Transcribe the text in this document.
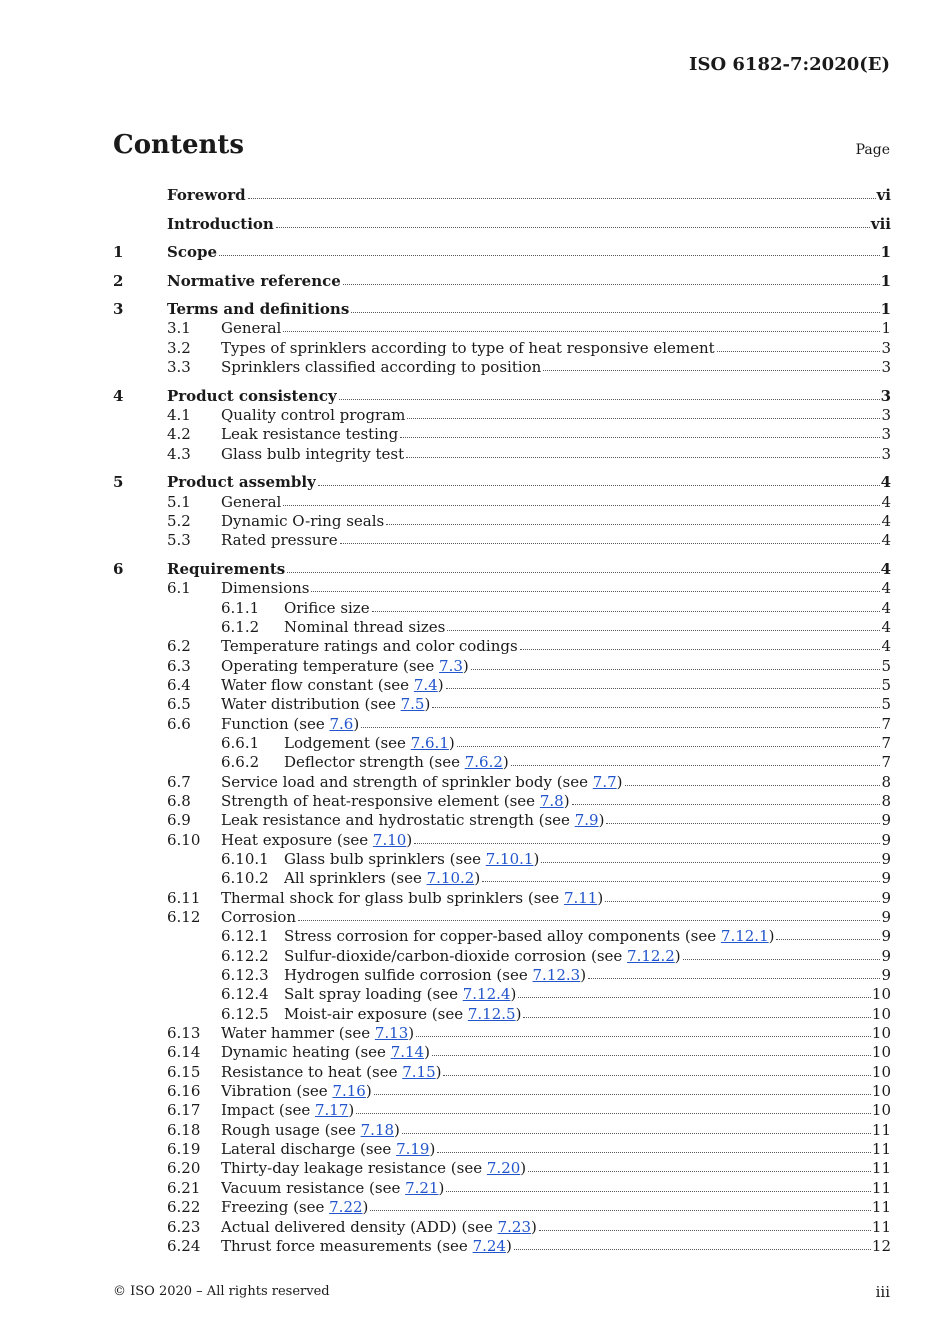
ISO 6182-7:2020(E)
Contents	Page
Foreword	vi
Introduction	vii
1	Scope	1
2	Normative reference	1
3	Terms and definitions	1
3.1	General	1
3.2	Types of sprinklers according to type of heat responsive element	3
3.3	Sprinklers classified according to position	3
4	Product consistency	3
4.1	Quality control program	3
4.2	Leak resistance testing	3
4.3	Glass bulb integrity test	3
5	Product assembly	4
5.1	General	4
5.2	Dynamic O-ring seals	4
5.3	Rated pressure	4
6	Requirements	4
6.1	Dimensions	4
6.1.1	Orifice size	4
6.1.2	Nominal thread sizes	4
6.2	Temperature ratings and color codings	4
6.3	Operating temperature (see 7.3)	5
6.4	Water flow constant (see 7.4)	5
6.5	Water distribution (see 7.5)	5
6.6	Function (see 7.6)	7
6.6.1	Lodgement (see 7.6.1)	7
6.6.2	Deflector strength (see 7.6.2)	7
6.7	Service load and strength of sprinkler body (see 7.7)	8
6.8	Strength of heat-responsive element (see 7.8)	8
6.9	Leak resistance and hydrostatic strength (see 7.9)	9
6.10	Heat exposure (see 7.10)	9
6.10.1	Glass bulb sprinklers (see 7.10.1)	9
6.10.2	All sprinklers (see 7.10.2)	9
6.11	Thermal shock for glass bulb sprinklers (see 7.11)	9
6.12	Corrosion	9
6.12.1	Stress corrosion for copper-based alloy components (see 7.12.1)	9
6.12.2	Sulfur-dioxide/carbon-dioxide corrosion (see 7.12.2)	9
6.12.3	Hydrogen sulfide corrosion (see 7.12.3)	9
6.12.4	Salt spray loading (see 7.12.4)	10
6.12.5	Moist-air exposure (see 7.12.5)	10
6.13	Water hammer (see 7.13)	10
6.14	Dynamic heating (see 7.14)	10
6.15	Resistance to heat (see 7.15)	10
6.16	Vibration (see 7.16)	10
6.17	Impact (see 7.17)	10
6.18	Rough usage (see 7.18)	11
6.19	Lateral discharge (see 7.19)	11
6.20	Thirty-day leakage resistance (see 7.20)	11
6.21	Vacuum resistance (see 7.21)	11
6.22	Freezing (see 7.22)	11
6.23	Actual delivered density (ADD) (see 7.23)	11
6.24	Thrust force measurements (see 7.24)	12
© ISO 2020 – All rights reserved	iii
